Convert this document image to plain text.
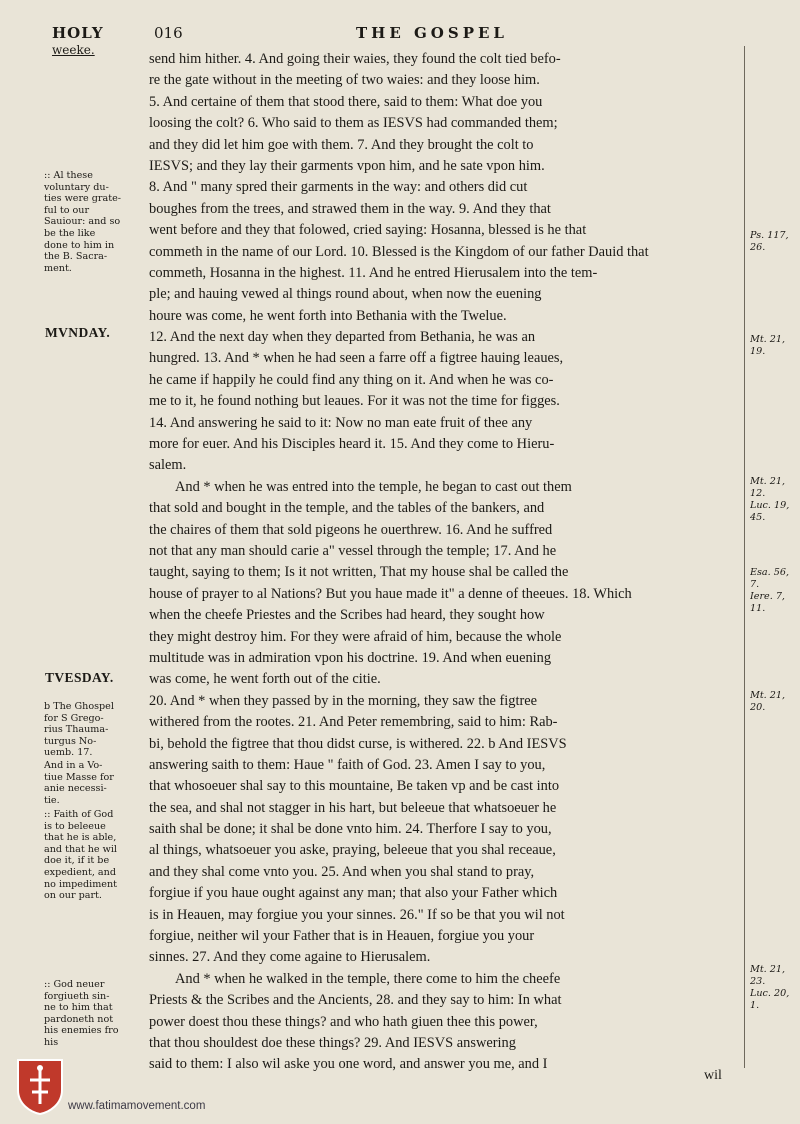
HOLY
weeke.
016	THE GOSPEL
send him hither. 4. And going their waies, they found the colt tied befo-
re the gate without in the meeting of two waies: and they loose him.
5. And certaine of them that stood there, said to them: What doe you
loosing the colt? 6. Who said to them as IESVS had commanded them;
and they did let him goe with them. 7. And they brought the colt to
IESVS; and they lay their garments vpon him, and he sate vpon him.
8. And " many spred their garments in the way: and others did cut
boughes from the trees, and strawed them in the way. 9. And they that
went before and they that folowed, cried saying: Hosanna, blessed is he that
commeth in the name of our Lord. 10. Blessed is the Kingdom of our father Dauid that
commeth, Hosanna in the highest. 11. And he entred Hierusalem into the tem-
ple; and hauing vewed al things round about, when now the euening
houre was come, he went forth into Bethania with the Twelue.
12. And the next day when they departed from Bethania, he was an
hungred. 13. And * when he had seen a farre off a figtree hauing leaues,
he came if happily he could find any thing on it. And when he was co-
me to it, he found nothing but leaues. For it was not the time for figges.
14. And answering he said to it: Now no man eate fruit of thee any
more for euer. And his Disciples heard it. 15. And they come to Hieru-
salem.
And * when he was entred into the temple, he began to cast out them
that sold and bought in the temple, and the tables of the bankers, and
the chaires of them that sold pigeons he ouerthrew. 16. And he suffred
not that any man should carie a" vessel through the temple; 17. And he
taught, saying to them; Is it not written, That my house shal be called the
house of prayer to al Nations? But you haue made it" a denne of theeues. 18. Which
when the cheefe Priestes and the Scribes had heard, they sought how
they might destroy him. For they were afraid of him, because the whole
multitude was in admiration vpon his doctrine. 19. And when euening
was come, he went forth out of the citie.
20. And * when they passed by in the morning, they saw the figtree
withered from the rootes. 21. And Peter remembring, said to him: Rab-
bi, behold the figtree that thou didst curse, is withered. 22. b And IESVS
answering saith to them: Haue " faith of God. 23. Amen I say to you,
that whosoeuer shal say to this mountaine, Be taken vp and be cast into
the sea, and shal not stagger in his hart, but beleeue that whatsoeuer he
saith shal be done; it shal be done vnto him. 24. Therfore I say to you,
al things, whatsoeuer you aske, praying, beleeue that you shal receaue,
and they shal come vnto you. 25. And when you shal stand to pray,
forgiue if you haue ought against any man; that also your Father which
is in Heauen, may forgiue you your sinnes. 26." If so be that you wil not
forgiue, neither wil your Father that is in Heauen, forgiue you your
sinnes. 27. And they come againe to Hierusalem.
And * when he walked in the temple, there come to him the cheefe
Priests & the Scribes and the Ancients, 28. and they say to him: In what
power doest thou these things? and who hath giuen thee this power,
that thou shouldest doe these things? 29. And IESVS answering
said to them: I also wil aske you one word, and answer you me, and I
:: Al these
voluntary du-
ties were grate-
ful to our
Sauiour: and so
be the like
done to him in
the B. Sacra-
ment.
b The Ghospel
for S Grego-
rius Thauma-
turgus No-
uemb. 17.
And in a Vo-
tiue Masse for
anie necessi-
tie.
:: Faith of God
is to beleeue
that he is able,
and that he wil
doe it, if it be
expedient, and
no impediment
on our part.
:: God neuer
forgiueth sin-
ne to him that
pardoneth not
his enemies fro
his
MVNDAY.
TVESDAY.
Ps. 117,
26.
Mt. 21,
19.
Mt. 21,
12.
Luc. 19,
45.
Esa. 56,
7.
Iere. 7,
11.
Mt. 21,
20.
Mt. 21,
23.
Luc. 20,
1.
wil
www.fatimamovement.com
